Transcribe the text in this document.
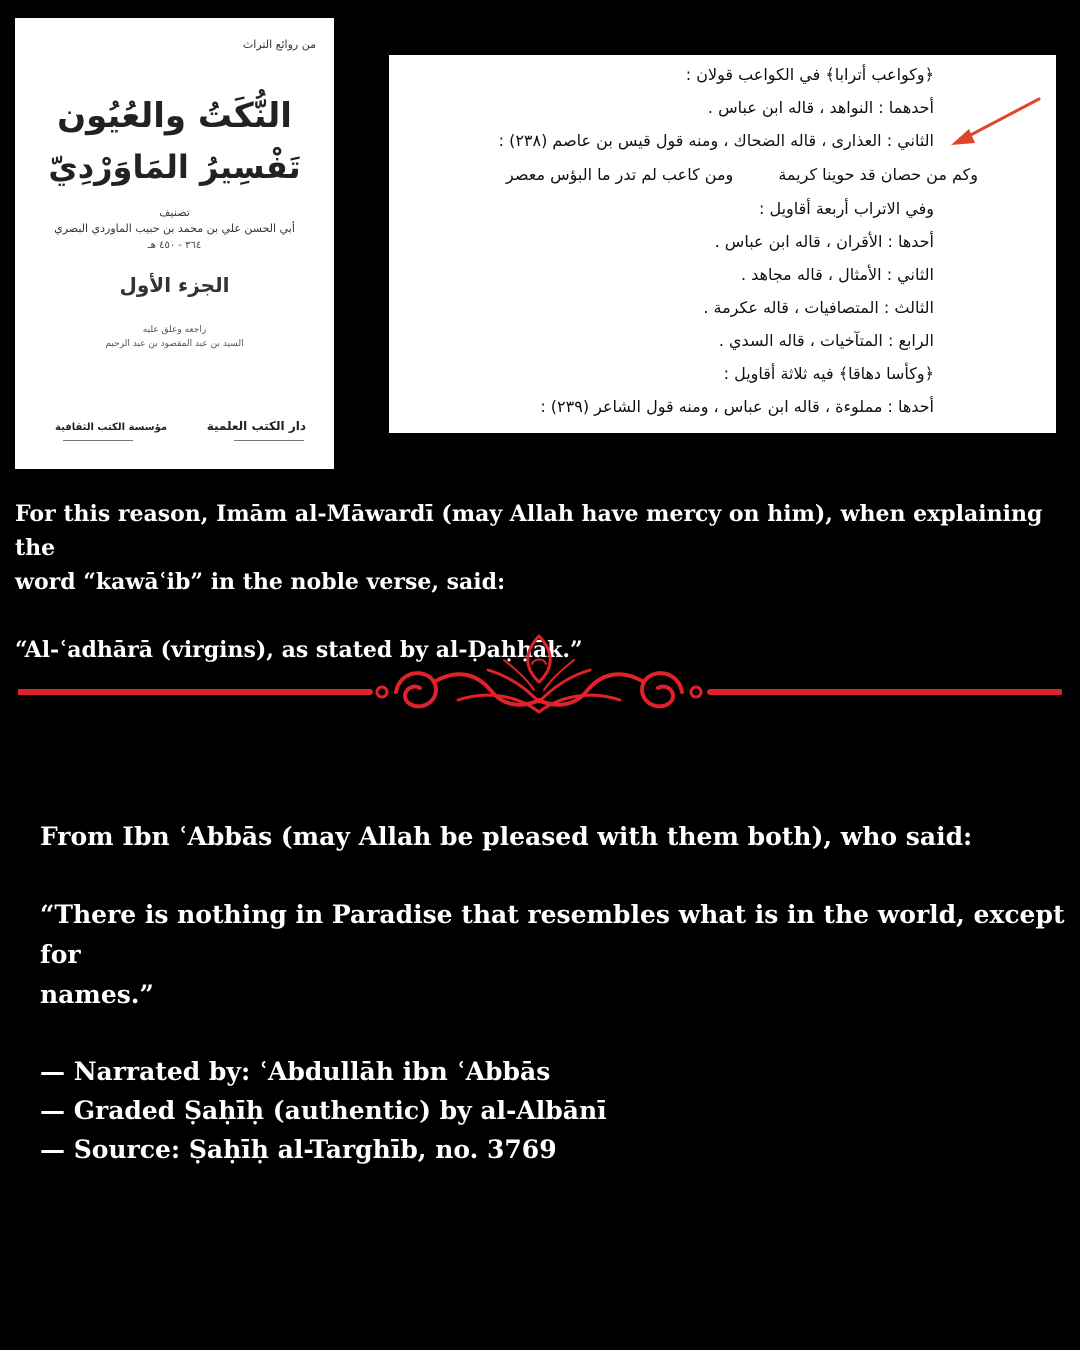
من روائع التراث
النُّكَتُ والعُيُون
تَفْسِيرُ المَاوَرْدِيّ
تصنيف
أبي الحسن علي بن محمد بن حبيب الماوردي البصري
٣٦٤ - ٤٥٠ هـ
الجزء الأول
راجعه وعلق عليه
السيد بن عبد المقصود بن عبد الرحيم
مؤسسة الكتب الثقافية	دار الكتب العلمية
﴿وكواعب أترابا﴾ في الكواعب قولان :
أحدهما : النواهد ، قاله ابن عباس .
الثاني : العذارى ، قاله الضحاك ، ومنه قول قيس بن عاصم (٢٣٨) :
وكم من حصان قد حوينا كريمة ومن كاعب لم تدر ما البؤس معصر
وفي الاتراب أربعة أقاويل :
أحدها : الأقران ، قاله ابن عباس .
الثاني : الأمثال ، قاله مجاهد .
الثالث : المتصافيات ، قاله عكرمة .
الرابع : المتآخيات ، قاله السدي .
﴿وكأسا دهاقا﴾ فيه ثلاثة أقاويل :
أحدها : مملوءة ، قاله ابن عباس ، ومنه قول الشاعر (٢٣٩) :
For this reason, Imām al-Māwardī (may Allah have mercy on him), when explaining the
word “kawāʿib” in the noble verse, said:
“Al-ʿadhārā (virgins), as stated by al-Ḍaḥḥāk.”
From Ibn ʿAbbās (may Allah be pleased with them both), who said:
“There is nothing in Paradise that resembles what is in the world, except for
names.”
— Narrated by: ʿAbdullāh ibn ʿAbbās
— Graded Ṣaḥīḥ (authentic) by al-Albānī
— Source: Ṣaḥīḥ al-Targhīb, no. 3769
